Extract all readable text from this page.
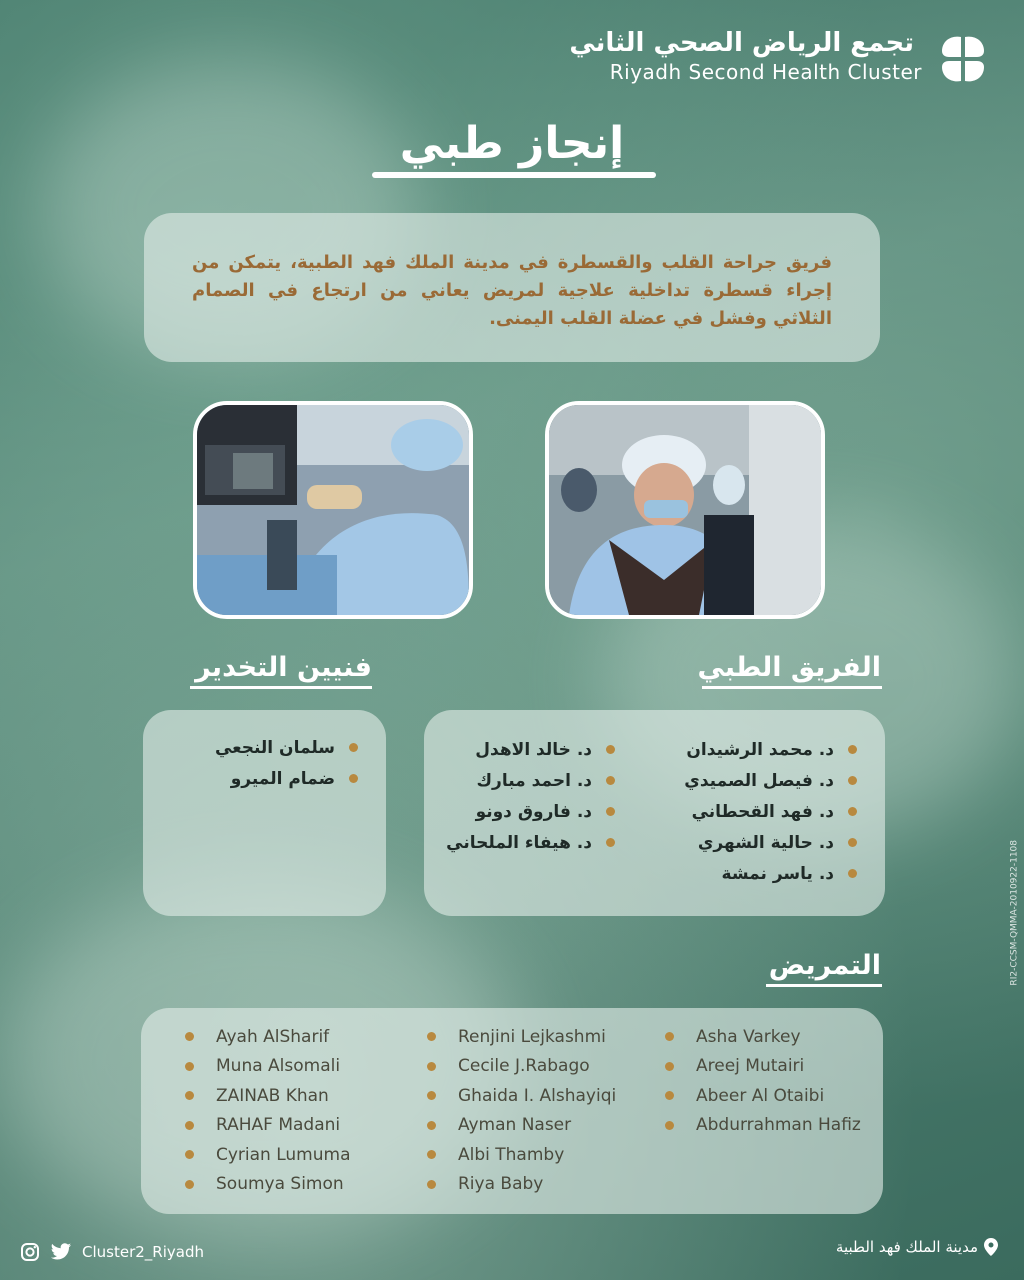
تجمع الرياض الصحي الثاني
Riyadh Second Health Cluster
إنجاز طبي

فريق جراحة القلب والقسطرة في مدينة الملك فهد الطبية، يتمكن من إجراء قسطرة تداخلية علاجية لمريض يعاني من ارتجاع في الصمام الثلاثي وفشل في عضلة القلب اليمنى.

الفريق الطبي
د. محمد الرشيدان
د. فيصل الصميدي
د. فهد القحطاني
د. حالية الشهري
د. ياسر نمشة
د. خالد الاهدل
د. احمد مبارك
د. فاروق دونو
د. هيفاء الملحاني
فنيين التخدير
سلمان النجعي
ضمام الميرو
التمريض
Ayah AlSharif
Muna Alsomali
ZAINAB Khan
RAHAF Madani
Cyrian Lumuma
Soumya Simon
Renjini Lejkashmi
Cecile J.Rabago
Ghaida I. Alshayiqi
Ayman Naser
Albi Thamby
Riya Baby
Asha Varkey
Areej Mutairi
Abeer Al Otaibi
Abdurrahman Hafiz
RI2-CCSM-QMMA-2010922-1108
Cluster2_Riyadh	مدينة الملك فهد الطبية
